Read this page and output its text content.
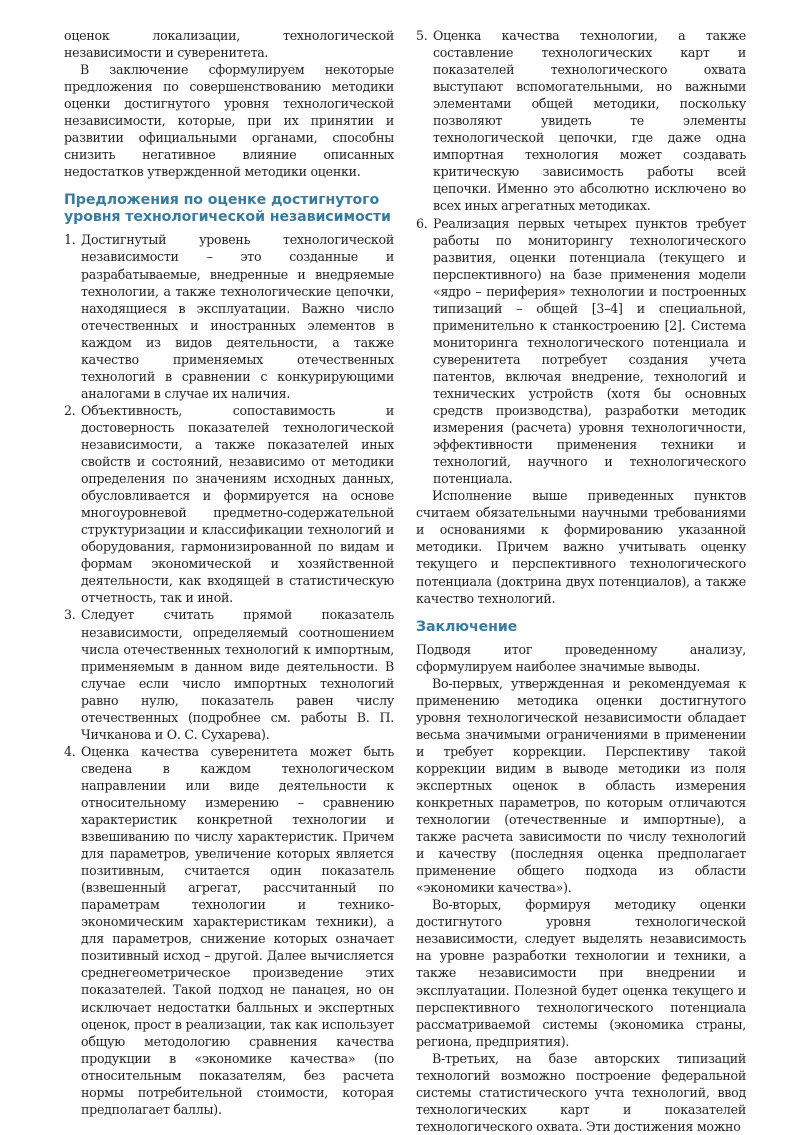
оценок локализации, технологической независимости и суверенитета.

В заключение сформулируем некоторые предложения по совершенствованию методики оценки достигнутого уровня технологической независимости, которые, при их принятии и развитии официальными органами, способны снизить негативное влияние описанных недостатков утвержденной методики оценки.

Предложения по оценке достигнутого уровня технологической независимости
1. Достигнутый уровень технологической независимости – это созданные и разрабатываемые, внедренные и внедряемые технологии, а также технологические цепочки, находящиеся в эксплуатации. Важно число отечественных и иностранных элементов в каждом из видов деятельности, а также качество применяемых отечественных технологий в сравнении с конкурирующими аналогами в случае их наличия.
2. Объективность, сопоставимость и достоверность показателей технологической независимости, а также показателей иных свойств и состояний, независимо от методики определения по значениям исходных данных, обусловливается и формируется на основе многоуровневой предметно-содержательной структуризации и классификации технологий и оборудования, гармонизированной по видам и формам экономической и хозяйственной деятельности, как входящей в статистическую отчетность, так и иной.
3. Следует считать прямой показатель независимости, определяемый соотношением числа отечественных технологий к импортным, применяемым в данном виде деятельности. В случае если число импортных технологий равно нулю, показатель равен числу отечественных (подробнее см. работы В. П. Чичканова и О. С. Сухарева).
4. Оценка качества суверенитета может быть сведена в каждом технологическом направлении или виде деятельности к относительному измерению – сравнению характеристик конкретной технологии и взвешиванию по числу характеристик. Причем для параметров, увеличение которых является позитивным, считается один показатель (взвешенный агрегат, рассчитанный по параметрам технологии и технико-экономическим характеристикам техники), а для параметров, снижение которых означает позитивный исход – другой. Далее вычисляется среднегеометрическое произведение этих показателей. Такой подход не панацея, но он исключает недостатки балльных и экспертных оценок, прост в реализации, так как использует общую методологию сравнения качества продукции в «экономике качества» (по относительным показателям, без расчета нормы потребительной стоимости, которая предполагает баллы).
5. Оценка качества технологии, а также составление технологических карт и показателей технологического охвата выступают вспомогательными, но важными элементами общей методики, поскольку позволяют увидеть те элементы технологической цепочки, где даже одна импортная технология может создавать критическую зависимость работы всей цепочки. Именно это абсолютно исключено во всех иных агрегатных методиках.
6. Реализация первых четырех пунктов требует работы по мониторингу технологического развития, оценки потенциала (текущего и перспективного) на базе применения модели «ядро – периферия» технологии и построенных типизаций – общей [3–4] и специальной, применительно к станкостроению [2]. Система мониторинга технологического потенциала и суверенитета потребует создания учета патентов, включая внедрение, технологий и технических устройств (хотя бы основных средств производства), разработки методик измерения (расчета) уровня технологичности, эффективности применения техники и технологий, научного и технологического потенциала.

Исполнение выше приведенных пунктов считаем обязательными научными требованиями и основаниями к формированию указанной методики. Причем важно учитывать оценку текущего и перспективного технологического потенциала (доктрина двух потенциалов), а также качество технологий.

Заключение

Подводя итог проведенному анализу, сформулируем наиболее значимые выводы.

Во-первых, утвержденная и рекомендуемая к применению методика оценки достигнутого уровня технологической независимости обладает весьма значимыми ограничениями в применении и требует коррекции. Перспективу такой коррекции видим в выводе методики из поля экспертных оценок в область измерения конкретных параметров, по которым отличаются технологии (отечественные и импортные), а также расчета зависимости по числу технологий и качеству (последняя оценка предполагает применение общего подхода из области «экономики качества»).

Во-вторых, формируя методику оценки достигнутого уровня технологической независимости, следует выделять независимость на уровне разработки технологии и техники, а также независимости при внедрении и эксплуатации. Полезной будет оценка текущего и перспективного технологического потенциала рассматриваемой системы (экономика страны, региона, предприятия).

В-третьих, на базе авторских типизаций технологий возможно построение федеральной системы статистического учта технологий, ввод технологических карт и показателей технологического охвата. Эти достижения можно
